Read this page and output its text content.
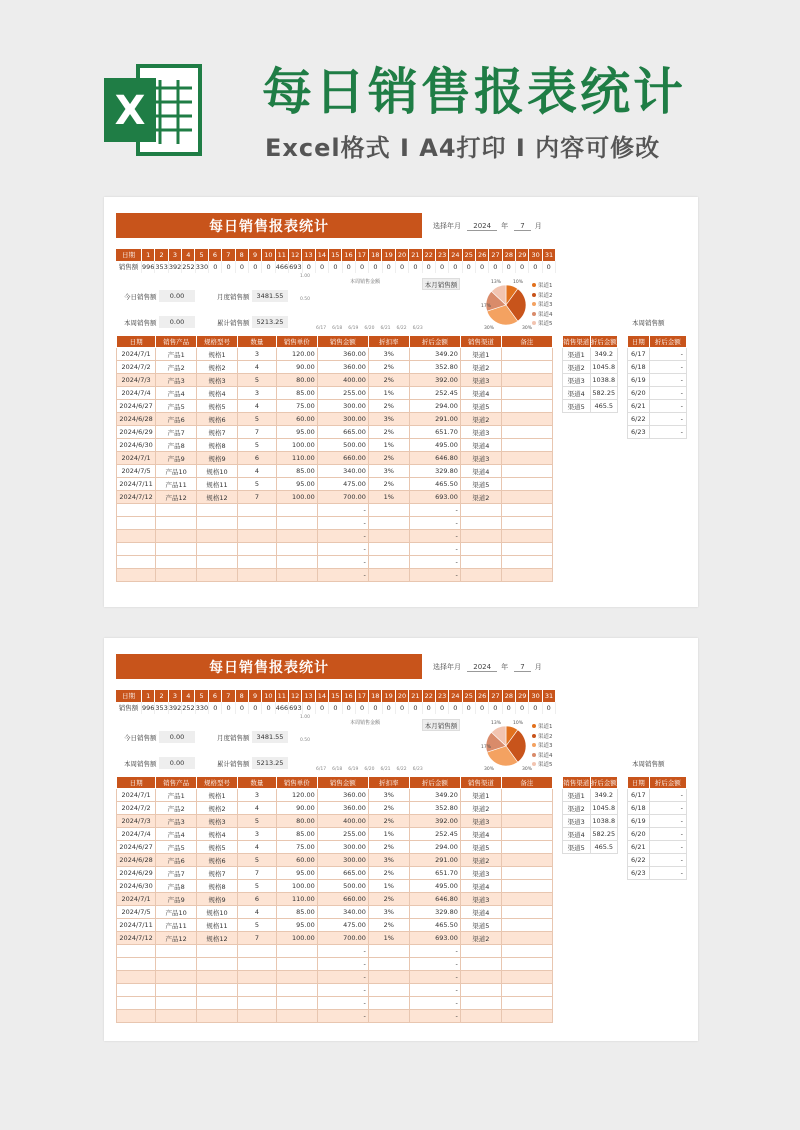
X 每日销售报表统计
Excel格式 I A4打印 I 内容可修改
每日销售报表统计	选择年月 2024 年 7 月
日期	1	2	3	4	5	6	7	8	9	10 11 12 13 14 15 16 17 18 19 20 21 22 23 24 25 26 27 28 29 30 31
销售额 996 353 392 252 330 0	0	0	0	0 466 693 0	0	0	0	0	0	0	0	0	0	0	0	0	0	0	0	0	0	0
今日销售额	0.00	月度销售额	3481.55
本周销售额	0.00	累计销售额	5213.25
本周销售金额
1.00
0.50
6/17 6/18 6/19 6/20 6/21 6/22 6/23
本月销售额	13%	10%
17%
30%	30%
渠道1
渠道2
渠道3
渠道4
渠道5
日期	销售产品	规格型号	数量	销售单价	销售金额	折扣率	折后金额	销售渠道	备注
2024/7/1	产品1	规格1	3	120.00	360.00	3%	349.20	渠道1	
2024/7/2	产品2	规格2	4	90.00	360.00	2%	352.80	渠道2	
2024/7/3	产品3	规格3	5	80.00	400.00	2%	392.00	渠道3	
2024/7/4	产品4	规格4	3	85.00	255.00	1%	252.45	渠道4	
2024/6/27	产品5	规格5	4	75.00	300.00	2%	294.00	渠道5	
2024/6/28	产品6	规格6	5	60.00	300.00	3%	291.00	渠道2	
2024/6/29	产品7	规格7	7	95.00	665.00	2%	651.70	渠道3	
2024/6/30	产品8	规格8	5	100.00	500.00	1%	495.00	渠道4	
2024/7/1	产品9	规格9	6	110.00	660.00	2%	646.80	渠道3	
2024/7/5	产品10	规格10	4	85.00	340.00	3%	329.80	渠道4	
2024/7/11	产品11	规格11	5	95.00	475.00	2%	465.50	渠道5	
2024/7/12	产品12	规格12	7	100.00	700.00	1%	693.00	渠道2	
					-		-		
					-		-		
					-		-		
					-		-		
					-		-		
					-		-		
销售渠道	折后金额
渠道1	349.2
渠道2	1045.8
渠道3	1038.8
渠道4	582.25
渠道5	465.5
本周销售额
日期	折后金额
6/17	-
6/18	-
6/19	-
6/20	-
6/21	-
6/22	-
6/23	-
每日销售报表统计	选择年月 2024 年 7 月
日期	1	2	3	4	5	6	7	8	9	10 11 12 13 14 15 16 17 18 19 20 21 22 23 24 25 26 27 28 29 30 31
销售额 996 353 392 252 330 0	0	0	0	0 466 693 0	0	0	0	0	0	0	0	0	0	0	0	0	0	0	0	0	0	0
今日销售额	0.00	月度销售额	3481.55
本周销售额	0.00	累计销售额	5213.25
本周销售金额
1.00
0.50
6/17 6/18 6/19 6/20 6/21 6/22 6/23
本月销售额	13%	10%
17%
30%	30%
渠道1
渠道2
渠道3
渠道4
渠道5
日期	销售产品	规格型号	数量	销售单价	销售金额	折扣率	折后金额	销售渠道	备注
2024/7/1	产品1	规格1	3	120.00	360.00	3%	349.20	渠道1	
2024/7/2	产品2	规格2	4	90.00	360.00	2%	352.80	渠道2	
2024/7/3	产品3	规格3	5	80.00	400.00	2%	392.00	渠道3	
2024/7/4	产品4	规格4	3	85.00	255.00	1%	252.45	渠道4	
2024/6/27	产品5	规格5	4	75.00	300.00	2%	294.00	渠道5	
2024/6/28	产品6	规格6	5	60.00	300.00	3%	291.00	渠道2	
2024/6/29	产品7	规格7	7	95.00	665.00	2%	651.70	渠道3	
2024/6/30	产品8	规格8	5	100.00	500.00	1%	495.00	渠道4	
2024/7/1	产品9	规格9	6	110.00	660.00	2%	646.80	渠道3	
2024/7/5	产品10	规格10	4	85.00	340.00	3%	329.80	渠道4	
2024/7/11	产品11	规格11	5	95.00	475.00	2%	465.50	渠道5	
2024/7/12	产品12	规格12	7	100.00	700.00	1%	693.00	渠道2	
					-		-		
					-		-		
					-		-		
					-		-		
					-		-		
					-		-		
销售渠道	折后金额
渠道1	349.2
渠道2	1045.8
渠道3	1038.8
渠道4	582.25
渠道5	465.5
本周销售额
日期	折后金额
6/17	-
6/18	-
6/19	-
6/20	-
6/21	-
6/22	-
6/23	-
